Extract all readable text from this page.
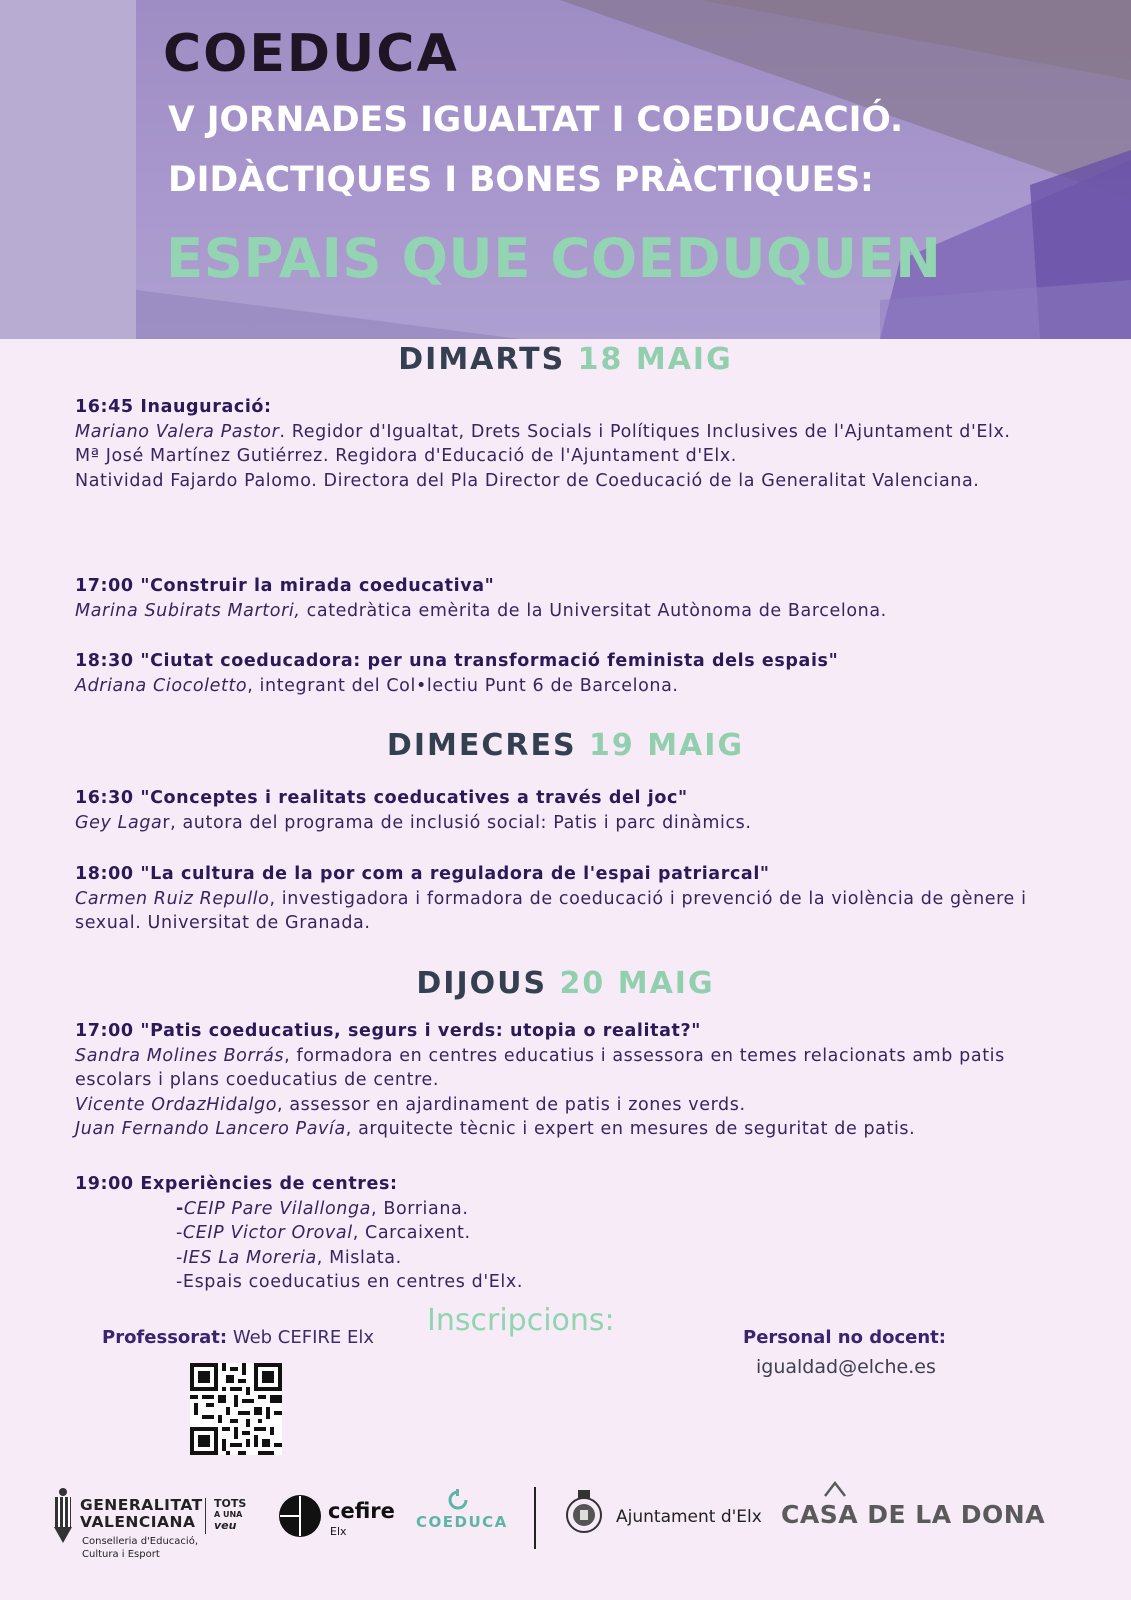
COEDUCA
V JORNADES IGUALTAT I COEDUCACIÓ.
DIDÀCTIQUES I BONES PRÀCTIQUES:
ESPAIS QUE COEDUQUEN
DIMARTS 18 MAIG
16:45 Inauguració:
Mariano Valera Pastor. Regidor d'Igualtat, Drets Socials i Polítiques Inclusives de l'Ajuntament d'Elx.
Mª José Martínez Gutiérrez. Regidora d'Educació de l'Ajuntament d'Elx.
Natividad Fajardo Palomo. Directora del Pla Director de Coeducació de la Generalitat Valenciana.
17:00 "Construir la mirada coeducativa"
Marina Subirats Martori, catedràtica emèrita de la Universitat Autònoma de Barcelona.
18:30 "Ciutat coeducadora: per una transformació feminista dels espais"
Adriana Ciocoletto, integrant del Col•lectiu Punt 6 de Barcelona.
DIMECRES 19 MAIG
16:30 "Conceptes i realitats coeducatives a través del joc"
Gey Lagar, autora del programa de inclusió social: Patis i parc dinàmics.
18:00 "La cultura de la por com a reguladora de l'espai patriarcal"
Carmen Ruiz Repullo, investigadora i formadora de coeducació i prevenció de la violència de gènere i sexual. Universitat de Granada.
DIJOUS 20 MAIG
17:00 "Patis coeducatius, segurs i verds: utopia o realitat?"
Sandra Molines Borrás, formadora en centres educatius i assessora en temes relacionats amb patis escolars i plans coeducatius de centre.
Vicente OrdazHidalgo, assessor en ajardinament de patis i zones verds.
Juan Fernando Lancero Pavía, arquitecte tècnic i expert en mesures de seguritat de patis.
19:00 Experiències de centres:
-CEIP Pare Vilallonga, Borriana.
-CEIP Victor Oroval, Carcaixent.
-IES La Moreria, Mislata.
-Espais coeducatius en centres d'Elx.
Inscripcions:
Professorat: Web CEFIRE Elx	Personal no docent:
igualdad@elche.es
GENERALITAT
VALENCIANA
Conselleria d'Educació,
Cultura i Esport
TOTS
A UNA
veu
cefire
Elx
COEDUCA	Ajuntament d'Elx CASA DE LA DONA
